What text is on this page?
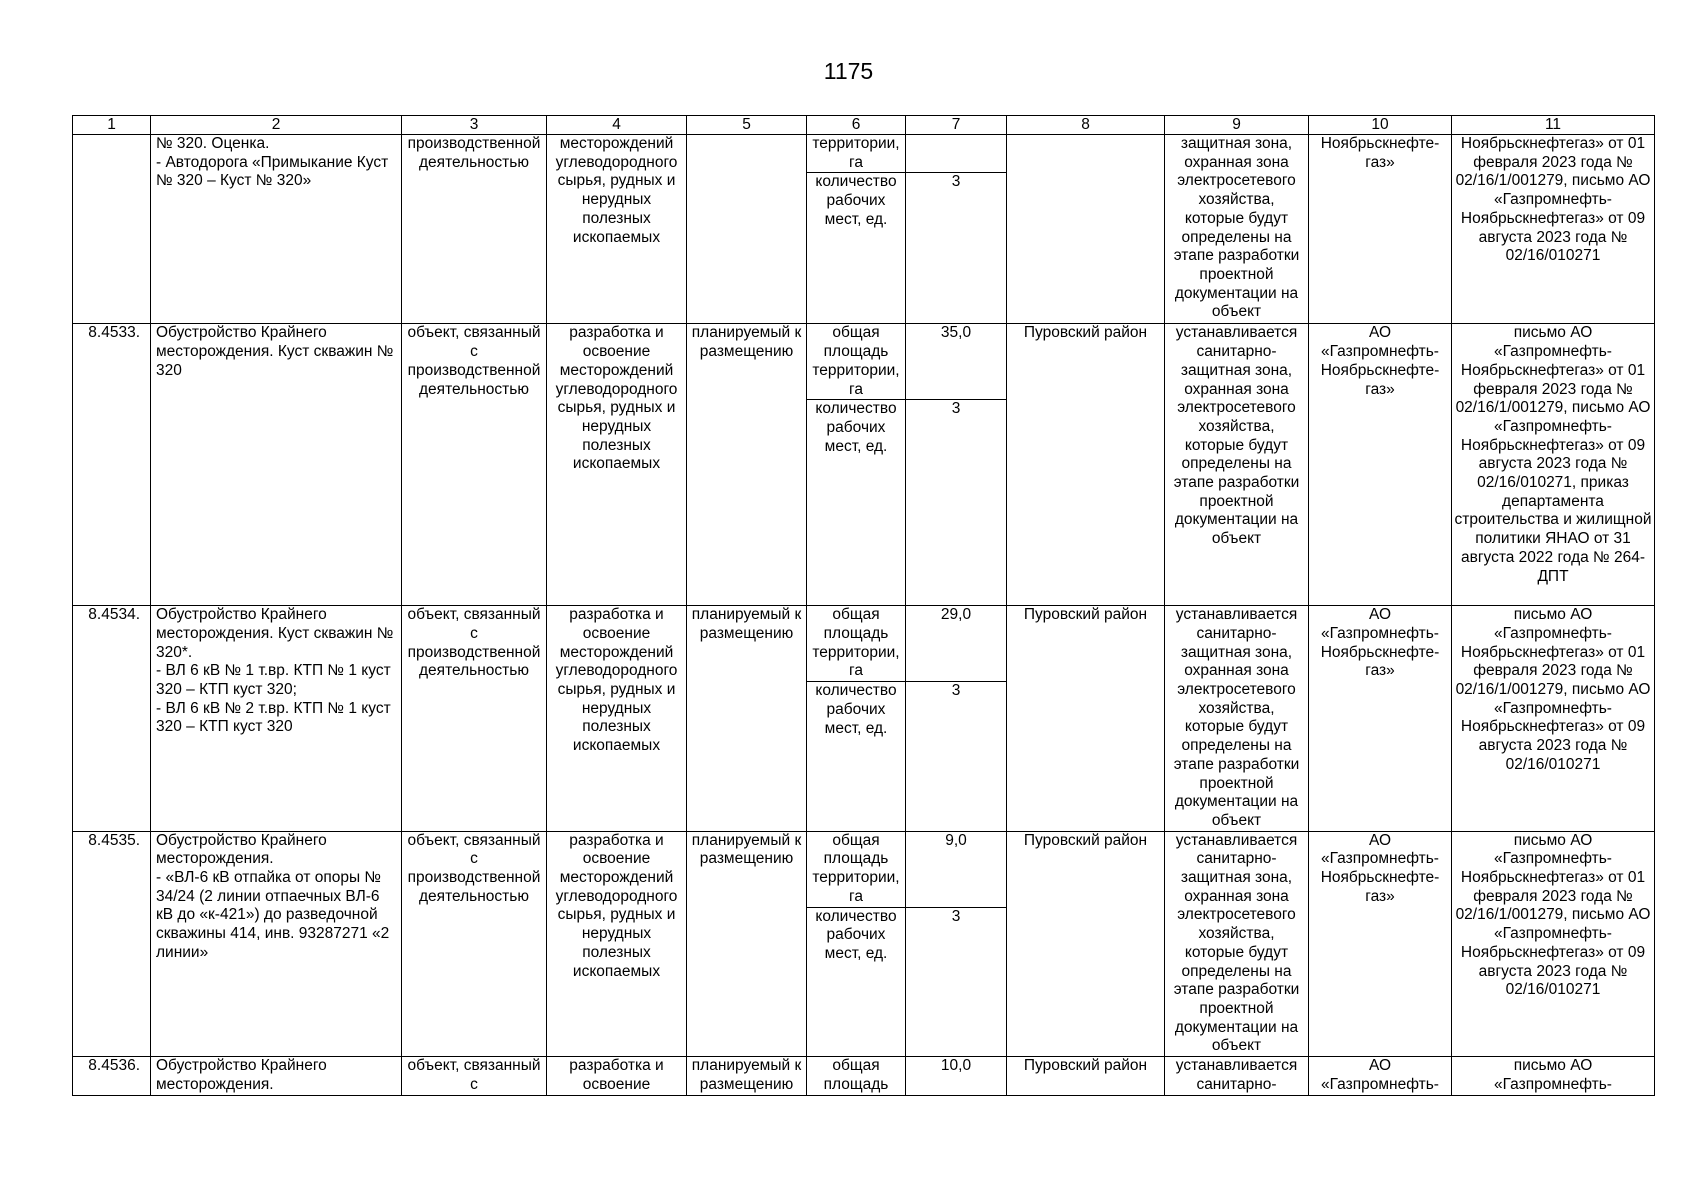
1175
1	2	3	4	5	6	7	8	9	10	11
	№ 320. Оценка.
- Автодорога «Примыкание Куст № 320 – Куст № 320»	производственной деятельностью	месторождений углеводородного сырья, рудных и нерудных полезных ископаемых		территории, га			защитная зона, охранная зона электросетевого хозяйства, которые будут определены на этапе разработки проектной документации на объект	Ноябрьскнефте-газ»	Ноябрьскнефтегаз» от 01 февраля 2023 года № 02/16/1/001279, письмо АО «Газпромнефть-Ноябрьскнефтегаз» от 09 августа 2023 года № 02/16/010271
					количество рабочих мест, ед.	3				
8.4533.	Обустройство Крайнего месторождения. Куст скважин № 320	объект, связанный с производственной деятельностью	разработка и освоение месторождений углеводородного сырья, рудных и нерудных полезных ископаемых	планируемый к размещению	общая площадь территории, га	35,0	Пуровский район	устанавливается санитарно-защитная зона, охранная зона электросетевого хозяйства, которые будут определены на этапе разработки проектной документации на объект	АО «Газпромнефть-Ноябрьскнефте-газ»	письмо АО «Газпромнефть-Ноябрьскнефтегаз» от 01 февраля 2023 года № 02/16/1/001279, письмо АО «Газпромнефть-Ноябрьскнефтегаз» от 09 августа 2023 года № 02/16/010271, приказ департамента строительства и жилищной политики ЯНАО от 31 августа 2022 года № 264-ДПТ
					количество рабочих мест, ед.	3				
8.4534.	Обустройство Крайнего месторождения. Куст скважин № 320*.
- ВЛ 6 кВ № 1 т.вр. КТП № 1 куст 320 – КТП куст 320;
- ВЛ 6 кВ № 2 т.вр. КТП № 1 куст 320 – КТП куст 320	объект, связанный с производственной деятельностью	разработка и освоение месторождений углеводородного сырья, рудных и нерудных полезных ископаемых	планируемый к размещению	общая площадь территории, га	29,0	Пуровский район	устанавливается санитарно-защитная зона, охранная зона электросетевого хозяйства, которые будут определены на этапе разработки проектной документации на объект	АО «Газпромнефть-Ноябрьскнефте-газ»	письмо АО «Газпромнефть-Ноябрьскнефтегаз» от 01 февраля 2023 года № 02/16/1/001279, письмо АО «Газпромнефть-Ноябрьскнефтегаз» от 09 августа 2023 года № 02/16/010271
					количество рабочих мест, ед.	3				
8.4535.	Обустройство Крайнего месторождения.
- «ВЛ-6 кВ отпайка от опоры № 34/24 (2 линии отпаечных ВЛ-6 кВ до «к-421») до разведочной скважины 414, инв. 93287271 «2 линии»	объект, связанный с производственной деятельностью	разработка и освоение месторождений углеводородного сырья, рудных и нерудных полезных ископаемых	планируемый к размещению	общая площадь территории, га	9,0	Пуровский район	устанавливается санитарно-защитная зона, охранная зона электросетевого хозяйства, которые будут определены на этапе разработки проектной документации на объект	АО «Газпромнефть-Ноябрьскнефте-газ»	письмо АО «Газпромнефть-Ноябрьскнефтегаз» от 01 февраля 2023 года № 02/16/1/001279, письмо АО «Газпромнефть-Ноябрьскнефтегаз» от 09 августа 2023 года № 02/16/010271
					количество рабочих мест, ед.	3				
8.4536.	Обустройство Крайнего месторождения.	объект, связанный с	разработка и освоение	планируемый к размещению	общая площадь	10,0	Пуровский район	устанавливается санитарно-	АО «Газпромнефть-	письмо АО «Газпромнефть-
